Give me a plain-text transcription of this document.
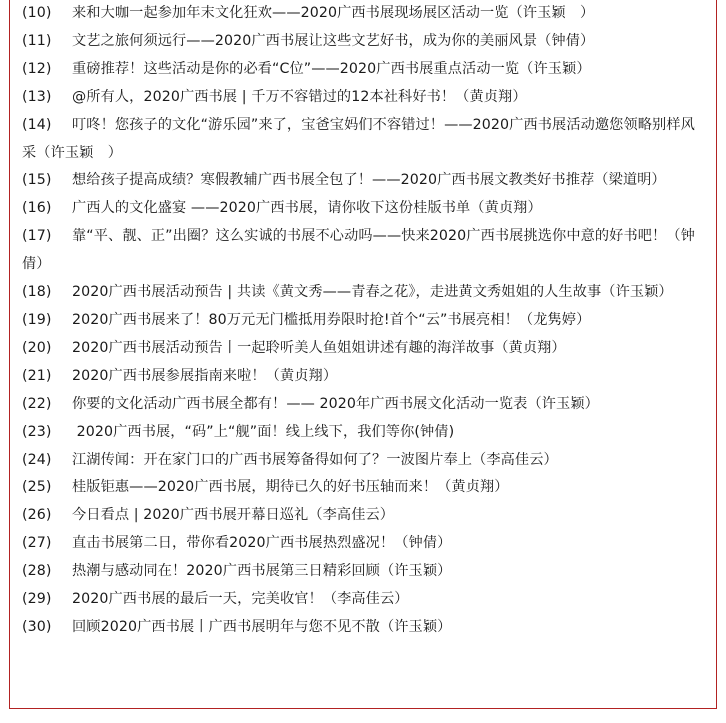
(10) 来和大咖一起参加年末文化狂欢——2020广西书展现场展区活动一览（许玉颖　）
(11) 文艺之旅何须远行——2020广西书展让这些文艺好书，成为你的美丽风景（钟倩）
(12) 重磅推荐！这些活动是你的必看“C位”——2020广西书展重点活动一览（许玉颖）
(13) @所有人，2020广西书展 | 千万不容错过的12本社科好书！（黄贞翔）
(14) 叮咚！您孩子的文化“游乐园”来了，宝爸宝妈们不容错过！——2020广西书展活动邀您领略别样风采（许玉颖　）
(15) 想给孩子提高成绩？寒假教辅广西书展全包了！——2020广西书展文教类好书推荐（梁道明）
(16) 广西人的文化盛宴 ——2020广西书展，请你收下这份桂版书单（黄贞翔）
(17) 靠“平、靓、正”出圈？这么实诚的书展不心动吗——快来2020广西书展挑选你中意的好书吧！（钟倩）
(18) 2020广西书展活动预告 | 共读《黄文秀——青春之花》，走进黄文秀姐姐的人生故事（许玉颖）
(19) 2020广西书展来了！80万元无门槛抵用券限时抢!首个“云”书展亮相！（龙隽婷）
(20) 2020广西书展活动预告丨一起聆听美人鱼姐姐讲述有趣的海洋故事（黄贞翔）
(21) 2020广西书展参展指南来啦！（黄贞翔）
(22) 你要的文化活动广西书展全都有！—— 2020年广西书展文化活动一览表（许玉颖）
(23) 2020广西书展，“码”上“舰”面！线上线下，我们等你(钟倩)
(24) 江湖传闻：开在家门口的广西书展筹备得如何了？一波图片奉上（李高佳云）
(25) 桂版钜惠——2020广西书展，期待已久的好书压轴而来！（黄贞翔）
(26) 今日看点 | 2020广西书展开幕日巡礼（李高佳云）
(27) 直击书展第二日，带你看2020广西书展热烈盛况！（钟倩）
(28) 热潮与感动同在！2020广西书展第三日精彩回顾（许玉颖）
(29) 2020广西书展的最后一天，完美收官！（李高佳云）
(30) 回顾2020广西书展丨广西书展明年与您不见不散（许玉颖）
